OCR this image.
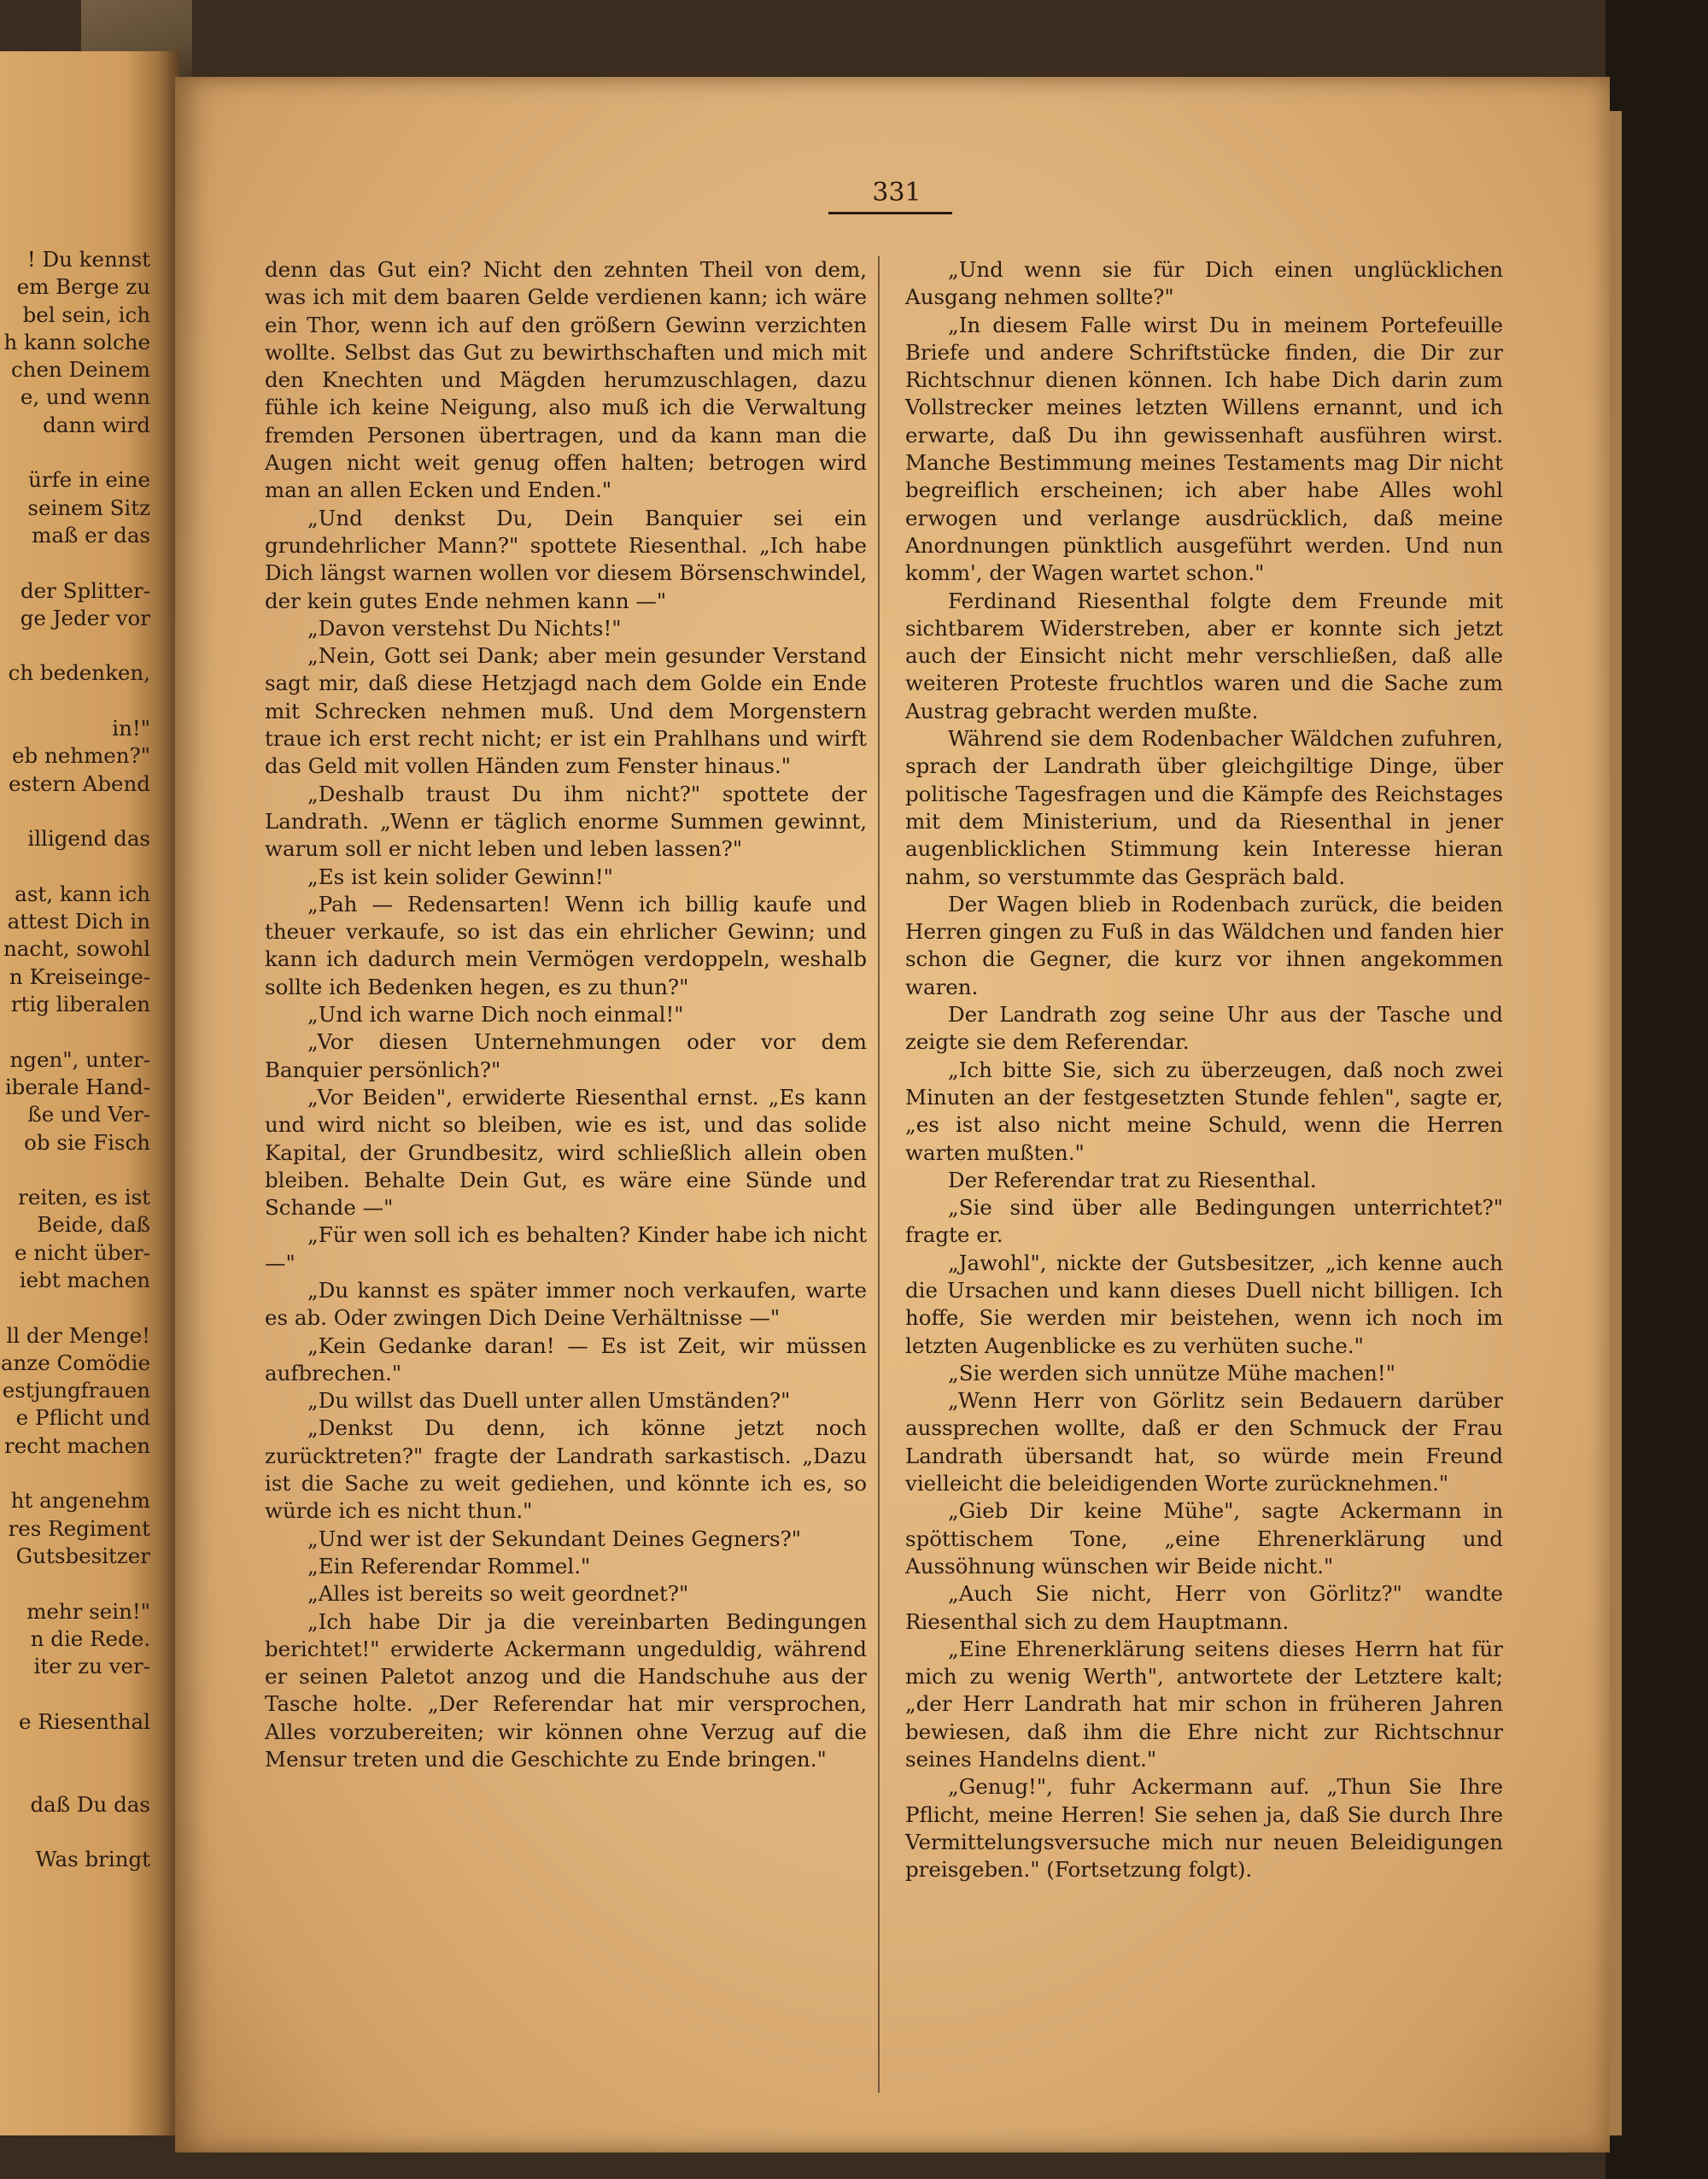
! Du kennst

em Berge zu

bel sein, ich

h kann solche

chen Deinem

e, und wenn

dann wird

ürfe in eine

seinem Sitz

maß er das

der Splitter-

ge Jeder vor

ch bedenken,

in!"

eb nehmen?"

estern Abend

illigend das

ast, kann ich

attest Dich in

nacht, sowohl

n Kreiseinge-

rtig liberalen

ngen", unter-

iberale Hand-

ße und Ver-

ob sie Fisch

reiten, es ist

Beide, daß

e nicht über-

iebt machen

ll der Menge!

anze Comödie

estjungfrauen

e Pflicht und

recht machen

ht angenehm

res Regiment

Gutsbesitzer

mehr sein!"

n die Rede.

iter zu ver-

e Riesenthal

daß Du das

Was bringt

331

denn das Gut ein? Nicht den zehnten Theil von dem, was ich mit dem baaren Gelde verdienen kann; ich wäre ein Thor, wenn ich auf den größern Gewinn verzichten wollte. Selbst das Gut zu bewirthschaften und mich mit den Knechten und Mägden herumzuschlagen, dazu fühle ich keine Neigung, also muß ich die Verwaltung fremden Personen übertragen, und da kann man die Augen nicht weit genug offen halten; betrogen wird man an allen Ecken und Enden."

„Und denkst Du, Dein Banquier sei ein grundehrlicher Mann?" spottete Riesenthal. „Ich habe Dich längst warnen wollen vor diesem Börsenschwindel, der kein gutes Ende nehmen kann —"

„Davon verstehst Du Nichts!"

„Nein, Gott sei Dank; aber mein gesunder Verstand sagt mir, daß diese Hetzjagd nach dem Golde ein Ende mit Schrecken nehmen muß. Und dem Morgenstern traue ich erst recht nicht; er ist ein Prahlhans und wirft das Geld mit vollen Händen zum Fenster hinaus."

„Deshalb traust Du ihm nicht?" spottete der Landrath. „Wenn er täglich enorme Summen gewinnt, warum soll er nicht leben und leben lassen?"

„Es ist kein solider Gewinn!"

„Pah — Redensarten! Wenn ich billig kaufe und theuer verkaufe, so ist das ein ehrlicher Gewinn; und kann ich dadurch mein Vermögen verdoppeln, weshalb sollte ich Bedenken hegen, es zu thun?"

„Und ich warne Dich noch einmal!"

„Vor diesen Unternehmungen oder vor dem Banquier persönlich?"

„Vor Beiden", erwiderte Riesenthal ernst. „Es kann und wird nicht so bleiben, wie es ist, und das solide Kapital, der Grundbesitz, wird schließlich allein oben bleiben. Behalte Dein Gut, es wäre eine Sünde und Schande —"

„Für wen soll ich es behalten? Kinder habe ich nicht —"

„Du kannst es später immer noch verkaufen, warte es ab. Oder zwingen Dich Deine Verhältnisse —"

„Kein Gedanke daran! — Es ist Zeit, wir müssen aufbrechen."

„Du willst das Duell unter allen Umständen?"

„Denkst Du denn, ich könne jetzt noch zurücktreten?" fragte der Landrath sarkastisch. „Dazu ist die Sache zu weit gediehen, und könnte ich es, so würde ich es nicht thun."

„Und wer ist der Sekundant Deines Gegners?"

„Ein Referendar Rommel."

„Alles ist bereits so weit geordnet?"

„Ich habe Dir ja die vereinbarten Bedingungen berichtet!" erwiderte Ackermann ungeduldig, während er seinen Paletot anzog und die Handschuhe aus der Tasche holte. „Der Referendar hat mir versprochen, Alles vorzubereiten; wir können ohne Verzug auf die Mensur treten und die Geschichte zu Ende bringen."

„Und wenn sie für Dich einen unglücklichen Ausgang nehmen sollte?"

„In diesem Falle wirst Du in meinem Portefeuille Briefe und andere Schriftstücke finden, die Dir zur Richtschnur dienen können. Ich habe Dich darin zum Vollstrecker meines letzten Willens ernannt, und ich erwarte, daß Du ihn gewissenhaft ausführen wirst. Manche Bestimmung meines Testaments mag Dir nicht begreiflich erscheinen; ich aber habe Alles wohl erwogen und verlange ausdrücklich, daß meine Anordnungen pünktlich ausgeführt werden. Und nun komm', der Wagen wartet schon."

Ferdinand Riesenthal folgte dem Freunde mit sichtbarem Widerstreben, aber er konnte sich jetzt auch der Einsicht nicht mehr verschließen, daß alle weiteren Proteste fruchtlos waren und die Sache zum Austrag gebracht werden mußte.

Während sie dem Rodenbacher Wäldchen zufuhren, sprach der Landrath über gleichgiltige Dinge, über politische Tagesfragen und die Kämpfe des Reichstages mit dem Ministerium, und da Riesenthal in jener augenblicklichen Stimmung kein Interesse hieran nahm, so verstummte das Gespräch bald.

Der Wagen blieb in Rodenbach zurück, die beiden Herren gingen zu Fuß in das Wäldchen und fanden hier schon die Gegner, die kurz vor ihnen angekommen waren.

Der Landrath zog seine Uhr aus der Tasche und zeigte sie dem Referendar.

„Ich bitte Sie, sich zu überzeugen, daß noch zwei Minuten an der festgesetzten Stunde fehlen", sagte er, „es ist also nicht meine Schuld, wenn die Herren warten mußten."

Der Referendar trat zu Riesenthal.

„Sie sind über alle Bedingungen unterrichtet?" fragte er.

„Jawohl", nickte der Gutsbesitzer, „ich kenne auch die Ursachen und kann dieses Duell nicht billigen. Ich hoffe, Sie werden mir beistehen, wenn ich noch im letzten Augenblicke es zu verhüten suche."

„Sie werden sich unnütze Mühe machen!"

„Wenn Herr von Görlitz sein Bedauern darüber aussprechen wollte, daß er den Schmuck der Frau Landrath übersandt hat, so würde mein Freund vielleicht die beleidigenden Worte zurücknehmen."

„Gieb Dir keine Mühe", sagte Ackermann in spöttischem Tone, „eine Ehrenerklärung und Aussöhnung wünschen wir Beide nicht."

„Auch Sie nicht, Herr von Görlitz?" wandte Riesenthal sich zu dem Hauptmann.

„Eine Ehrenerklärung seitens dieses Herrn hat für mich zu wenig Werth", antwortete der Letztere kalt; „der Herr Landrath hat mir schon in früheren Jahren bewiesen, daß ihm die Ehre nicht zur Richtschnur seines Handelns dient."

„Genug!", fuhr Ackermann auf. „Thun Sie Ihre Pflicht, meine Herren! Sie sehen ja, daß Sie durch Ihre Vermittelungsversuche mich nur neuen Beleidigungen preisgeben." (Fortsetzung folgt).
